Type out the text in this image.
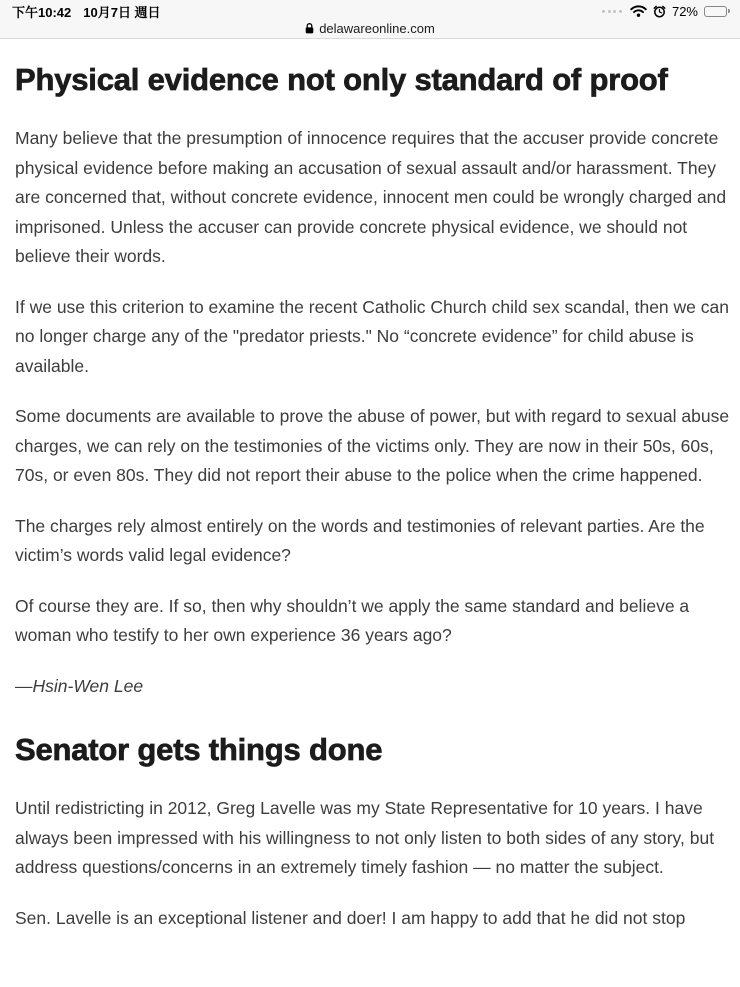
下午10:42 10月7日 週日	72%
delawareonline.com
Physical evidence not only standard of proof

Many believe that the presumption of innocence requires that the accuser provide concrete physical evidence before making an accusation of sexual assault and/or harassment. They are concerned that, without concrete evidence, innocent men could be wrongly charged and imprisoned. Unless the accuser can provide concrete physical evidence, we should not believe their words.

If we use this criterion to examine the recent Catholic Church child sex scandal, then we can no longer charge any of the "predator priests." No “concrete evidence” for child abuse is available.

Some documents are available to prove the abuse of power, but with regard to sexual abuse charges, we can rely on the testimonies of the victims only. They are now in their 50s, 60s, 70s, or even 80s. They did not report their abuse to the police when the crime happened.

The charges rely almost entirely on the words and testimonies of relevant parties. Are the victim’s words valid legal evidence?

Of course they are. If so, then why shouldn’t we apply the same standard and believe a woman who testify to her own experience 36 years ago?

—Hsin-Wen Lee

Senator gets things done

Until redistricting in 2012, Greg Lavelle was my State Representative for 10 years. I have always been impressed with his willingness to not only listen to both sides of any story, but address questions/concerns in an extremely timely fashion — no matter the subject.

Sen. Lavelle is an exceptional listener and doer! I am happy to add that he did not stop
